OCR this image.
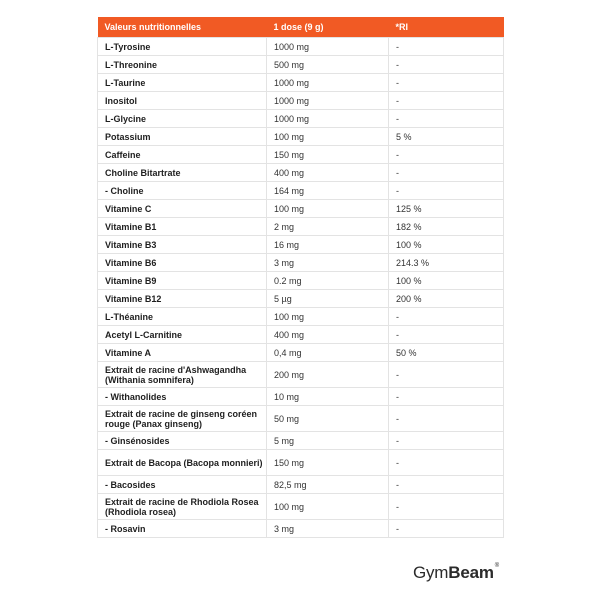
Valeurs nutritionnelles	1 dose (9 g)	*RI
L-Tyrosine	1000 mg	-
L-Threonine	500 mg	-
L-Taurine	1000 mg	-
Inositol	1000 mg	-
L-Glycine	1000 mg	-
Potassium	100 mg	5 %
Caffeine	150 mg	-
Choline Bitartrate	400 mg	-
- Choline	164 mg	-
Vitamine C	100 mg	125 %
Vitamine B1	2 mg	182 %
Vitamine B3	16 mg	100 %
Vitamine B6	3 mg	214.3 %
Vitamine B9	0.2 mg	100 %
Vitamine B12	5 µg	200 %
L-Théanine	100 mg	-
Acetyl L-Carnitine	400 mg	-
Vitamine A	0,4 mg	50 %
Extrait de racine d'Ashwagandha (Withania somnifera)	200 mg	-
- Withanolides	10 mg	-
Extrait de racine de ginseng coréen rouge (Panax ginseng)	50 mg	-
- Ginsénosides	5 mg	-
Extrait de Bacopa (Bacopa monnieri)	150 mg	-
- Bacosides	82,5 mg	-
Extrait de racine de Rhodiola Rosea (Rhodiola rosea)	100 mg	-
- Rosavin	3 mg	-
GymBeam®
